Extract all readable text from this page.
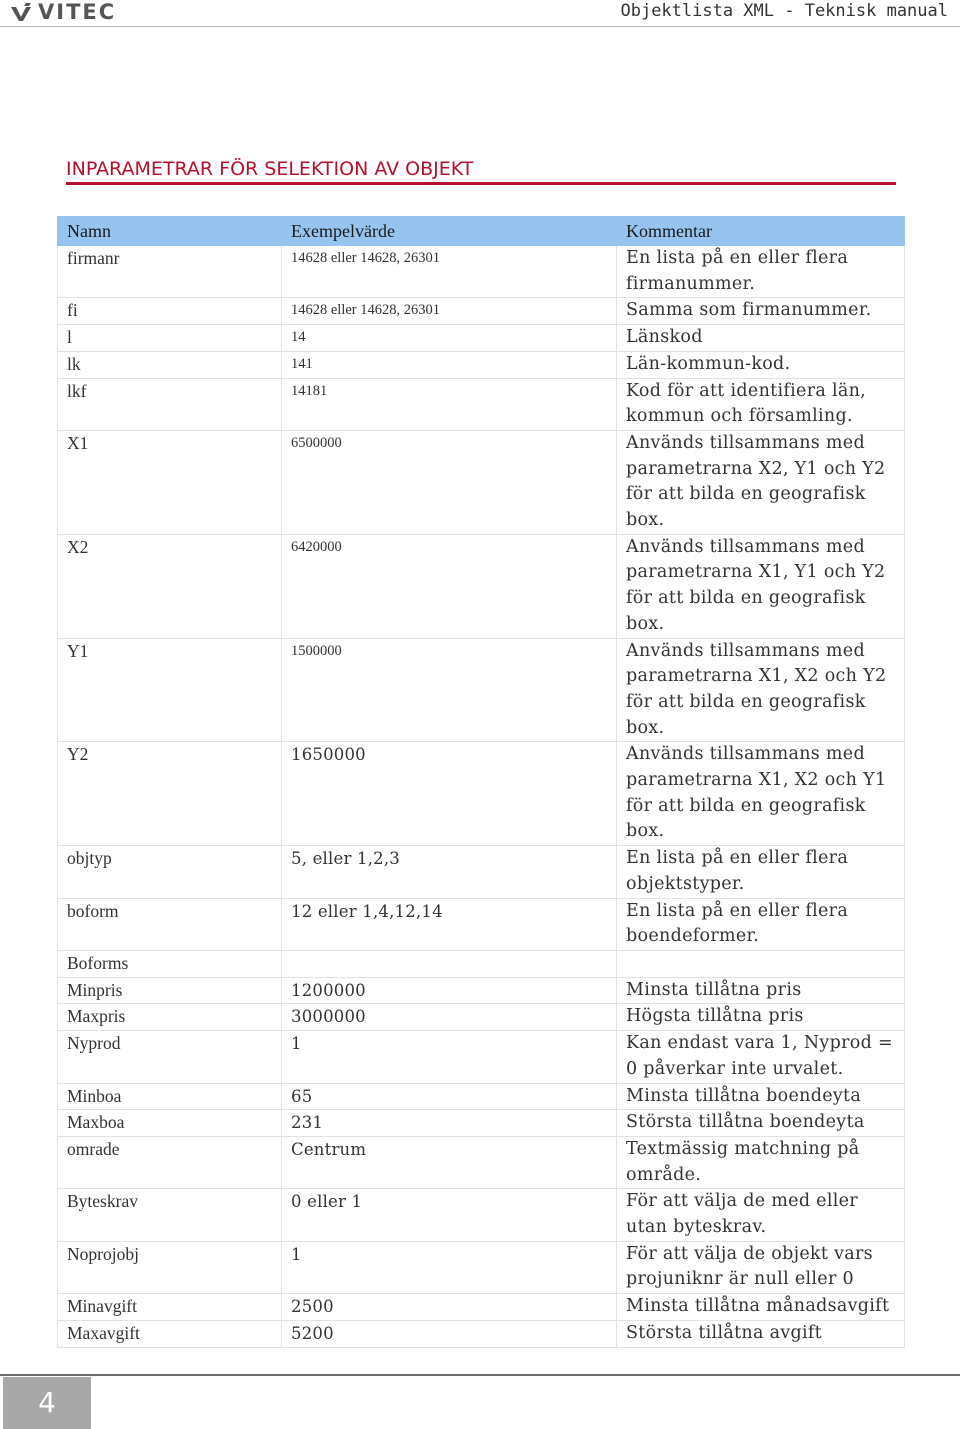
VITEC	Objektlista XML - Teknisk manual
INPARAMETRAR FÖR SELEKTION AV OBJEKT
Namn	Exempelvärde	Kommentar
firmanr	14628 eller 14628, 26301	En lista på en eller flera firmanummer.
fi	14628 eller 14628, 26301	Samma som firmanummer.
l	14	Länskod
lk	141	Län-kommun-kod.
lkf	14181	Kod för att identifiera län, kommun och församling.
X1	6500000	Används tillsammans med parametrarna X2, Y1 och Y2 för att bilda en geografisk box.
X2	6420000	Används tillsammans med parametrarna X1, Y1 och Y2 för att bilda en geografisk box.
Y1	1500000	Används tillsammans med parametrarna X1, X2 och Y2 för att bilda en geografisk box.
Y2	1650000	Används tillsammans med parametrarna X1, X2 och Y1 för att bilda en geografisk box.
objtyp	5, eller 1,2,3	En lista på en eller flera objektstyper.
boform	12 eller 1,4,12,14	En lista på en eller flera boendeformer.
Boforms		
Minpris	1200000	Minsta tillåtna pris
Maxpris	3000000	Högsta tillåtna pris
Nyprod	1	Kan endast vara 1, Nyprod = 0 påverkar inte urvalet.
Minboa	65	Minsta tillåtna boendeyta
Maxboa	231	Största tillåtna boendeyta
omrade	Centrum	Textmässig matchning på område.
Byteskrav	0 eller 1	För att välja de med eller utan byteskrav.
Noprojobj	1	För att välja de objekt vars projuniknr är null eller 0
Minavgift	2500	Minsta tillåtna månadsavgift
Maxavgift	5200	Största tillåtna avgift
4
